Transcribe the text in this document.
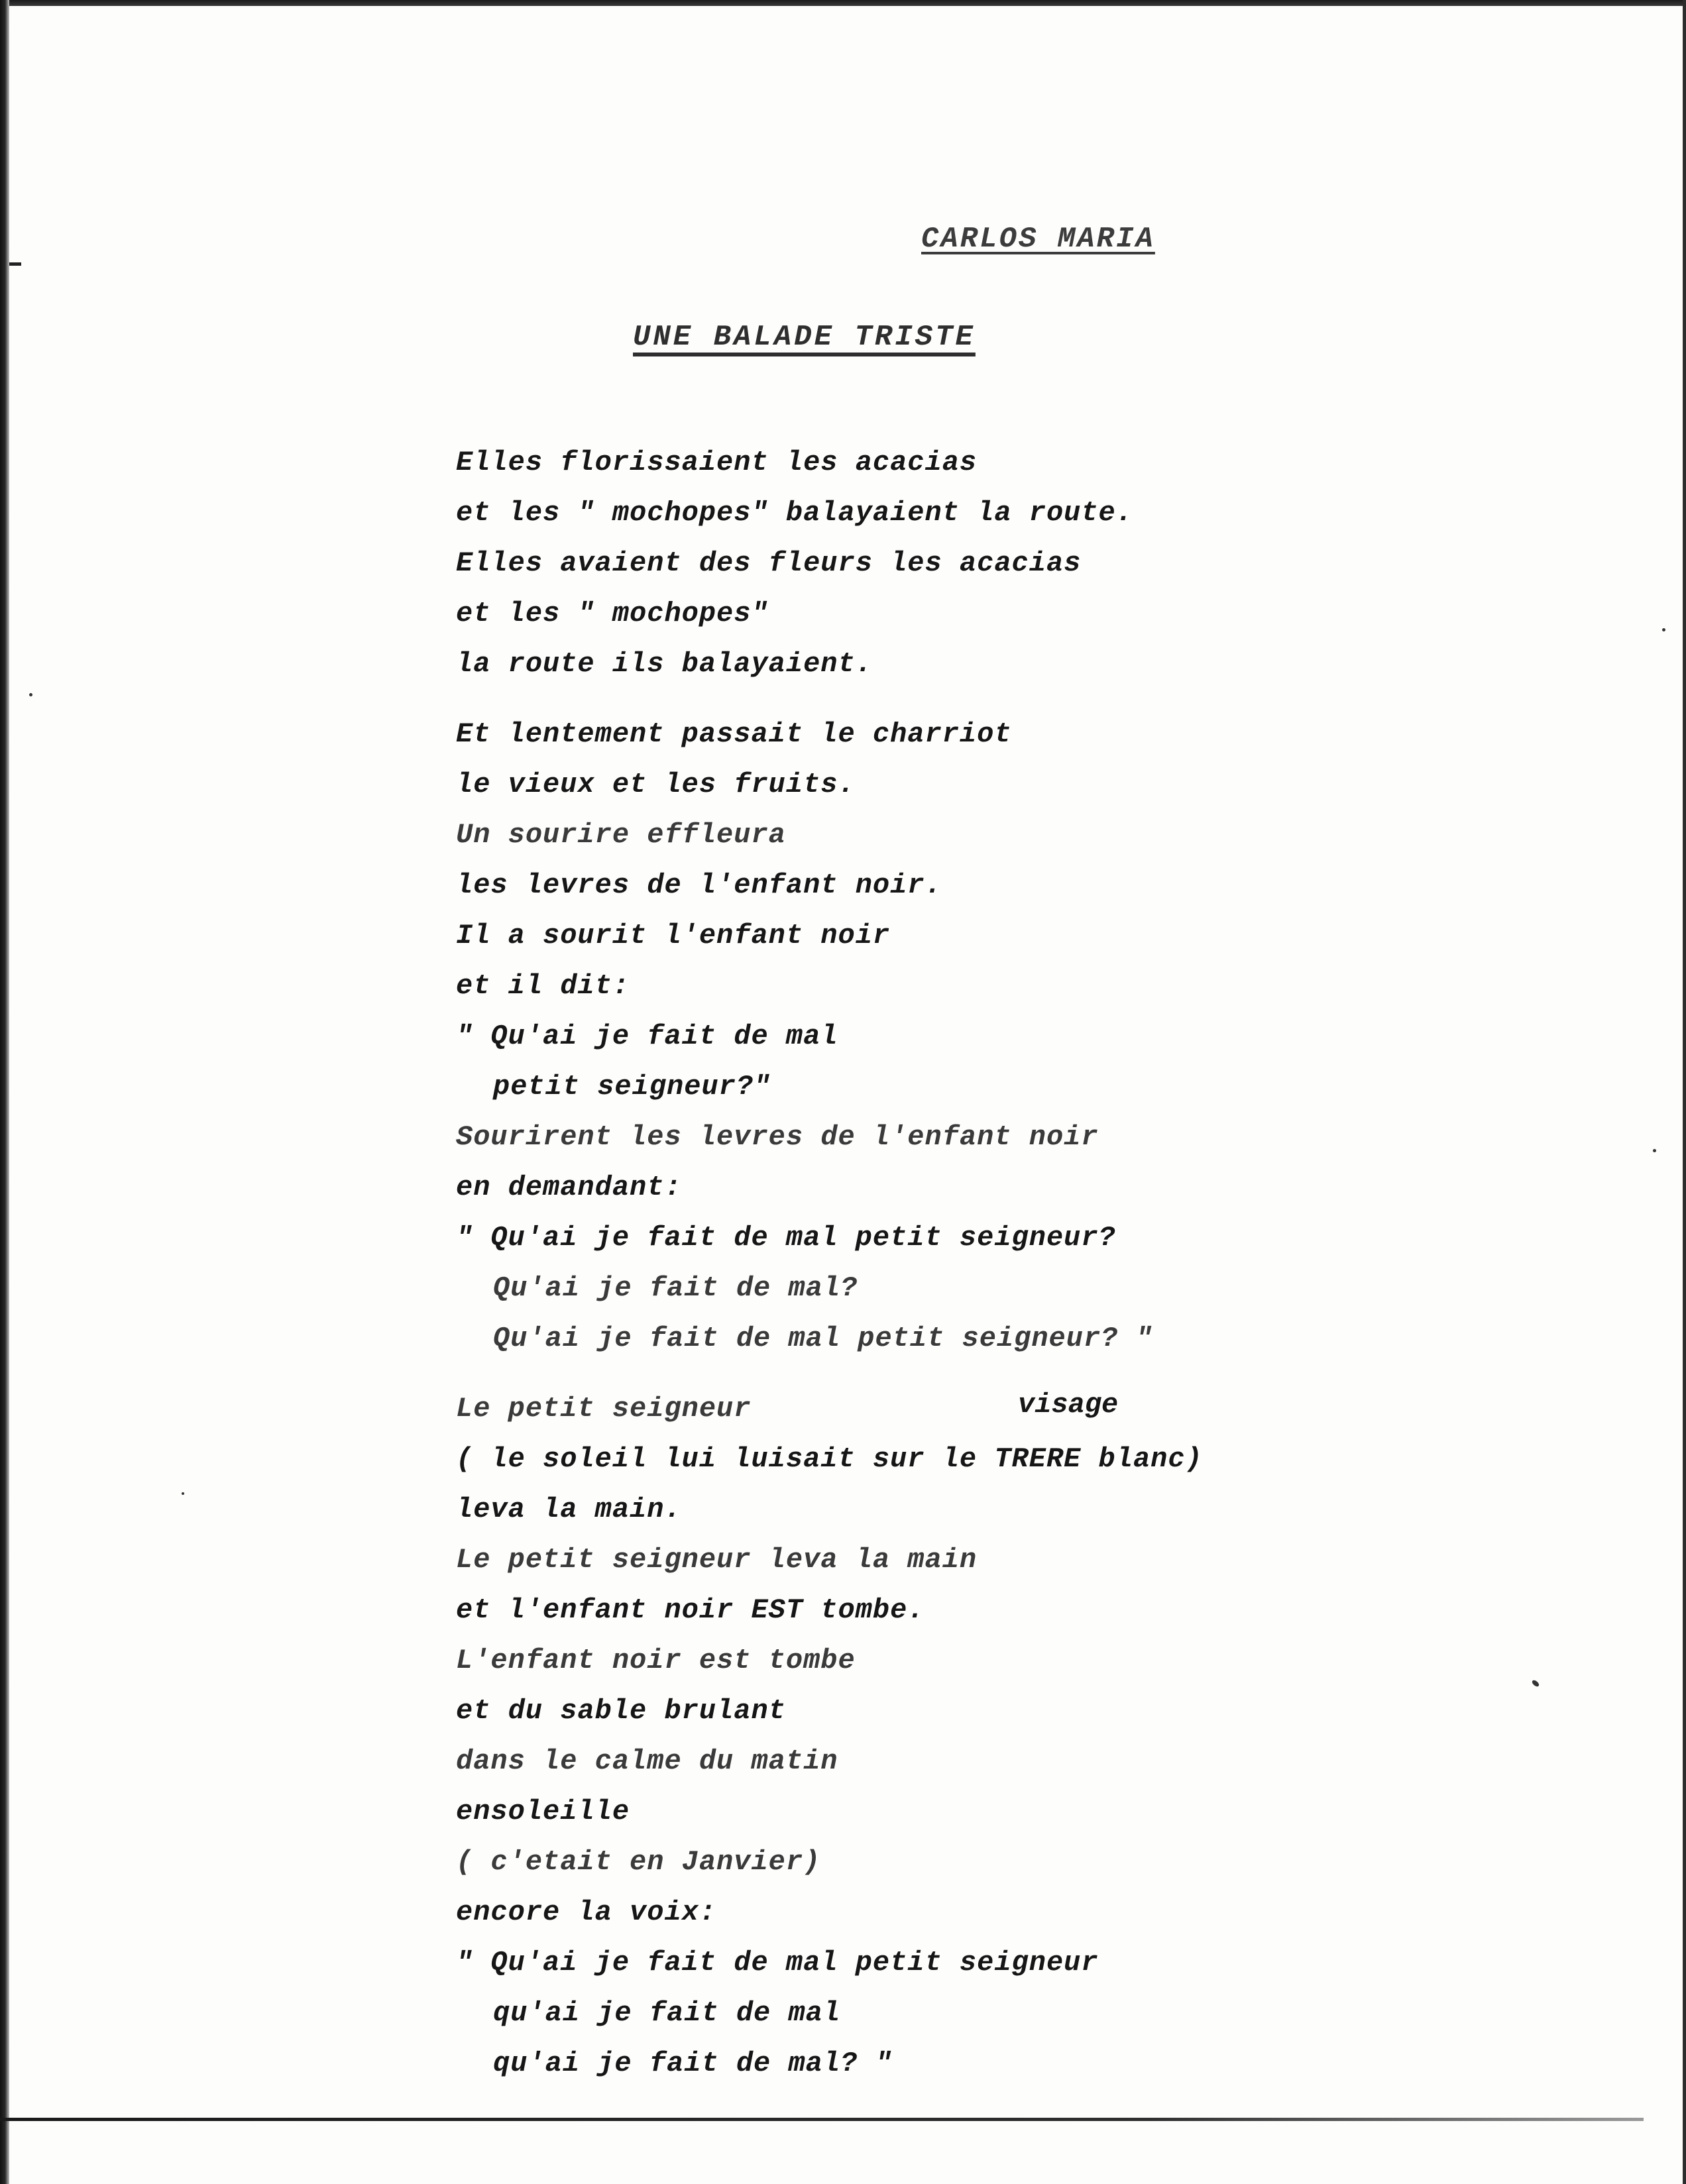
CARLOS MARIA
UNE BALADE TRISTE
visage
Elles florissaient les acacias
et les " mochopes" balayaient la route.
Elles avaient des fleurs les acacias
et les " mochopes"
la route ils balayaient.
Et lentement passait le charriot
le vieux et les fruits.
Un sourire effleura
les levres de l'enfant noir.
Il a sourit l'enfant noir
et il dit:
" Qu'ai je fait de mal
petit seigneur?"
Sourirent les levres de l'enfant noir
en demandant:
" Qu'ai je fait de mal petit seigneur?
Qu'ai je fait de mal?
Qu'ai je fait de mal petit seigneur? "
Le petit seigneur
( le soleil lui luisait sur le TRERE blanc)
leva la main.
Le petit seigneur leva la main
et l'enfant noir EST tombe.
L'enfant noir est tombe
et du sable brulant
dans le calme du matin
ensoleille
( c'etait en Janvier)
encore la voix:
" Qu'ai je fait de mal petit seigneur
qu'ai je fait de mal
qu'ai je fait de mal? "
